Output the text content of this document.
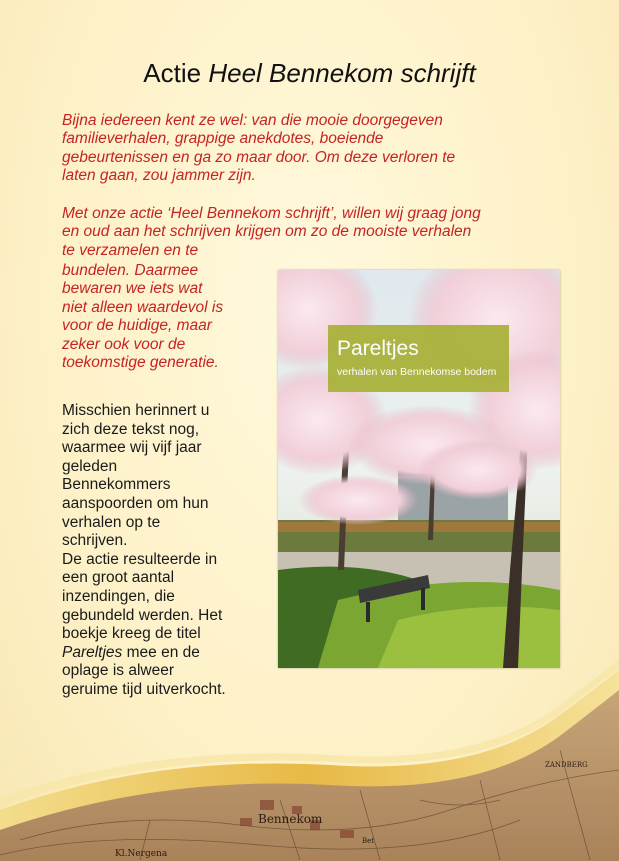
Actie Heel Bennekom schrijft

Bijna iedereen kent ze wel: van die mooie doorgegeven
familieverhalen, grappige anekdotes, boeiende
gebeurtenissen en ga zo maar door. Om deze verloren te
laten gaan, zou jammer zijn.

Met onze actie ‘Heel Bennekom schrijft’, willen wij graag jong
en oud aan het schrijven krijgen om zo de mooiste verhalen
te verzamelen en te

bundelen. Daarmee
bewaren we iets wat
niet alleen waardevol is
voor de huidige, maar
zeker ook voor de
toekomstige generatie.

Misschien herinnert u
zich deze tekst nog,
waarmee wij vijf jaar
geleden
Bennekommers
aanspoorden om hun
verhalen op te
schrijven.
De actie resulteerde in
een groot aantal
inzendingen, die
gebundeld werden. Het
boekje kreeg de titel
Pareltjes mee en de
oplage is alweer
geruime tijd uitverkocht.

Pareltjes
verhalen van Bennekomse bodem
Bennekom
Kl.Nergena
Bet
ZANDBERG
